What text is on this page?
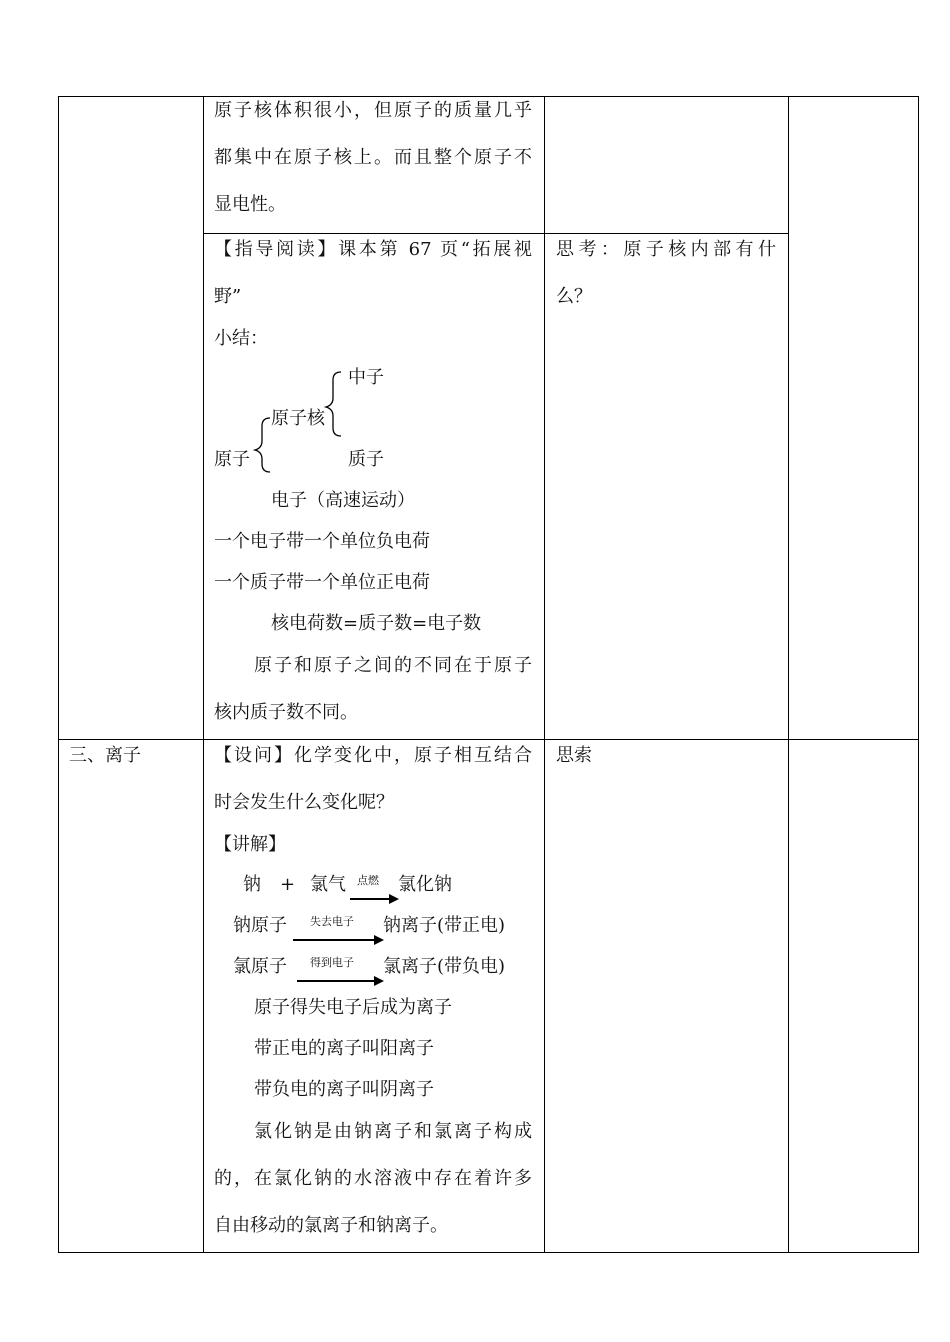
原子核体积很小，但原子的质量几乎
都集中在原子核上。而且整个原子不
显电性。
【指导阅读】课本第 67 页“拓展视
野”
小结：
中子
原子核
原子	质子
电子（高速运动）
一个电子带一个单位负电荷
一个质子带一个单位正电荷
核电荷数=质子数=电子数
原子和原子之间的不同在于原子
核内质子数不同。
思考：原子核内部有什
么？
三、离子	【设问】化学变化中，原子相互结合
时会发生什么变化呢？
【讲解】
钠 + 氯气 点燃 氯化钠
钠原子 失去电子 钠离子(带正电)
氯原子 得到电子 氯离子(带负电)
原子得失电子后成为离子
带正电的离子叫阳离子
带负电的离子叫阴离子
氯化钠是由钠离子和氯离子构成
的，在氯化钠的水溶液中存在着许多
自由移动的氯离子和钠离子。
思索
